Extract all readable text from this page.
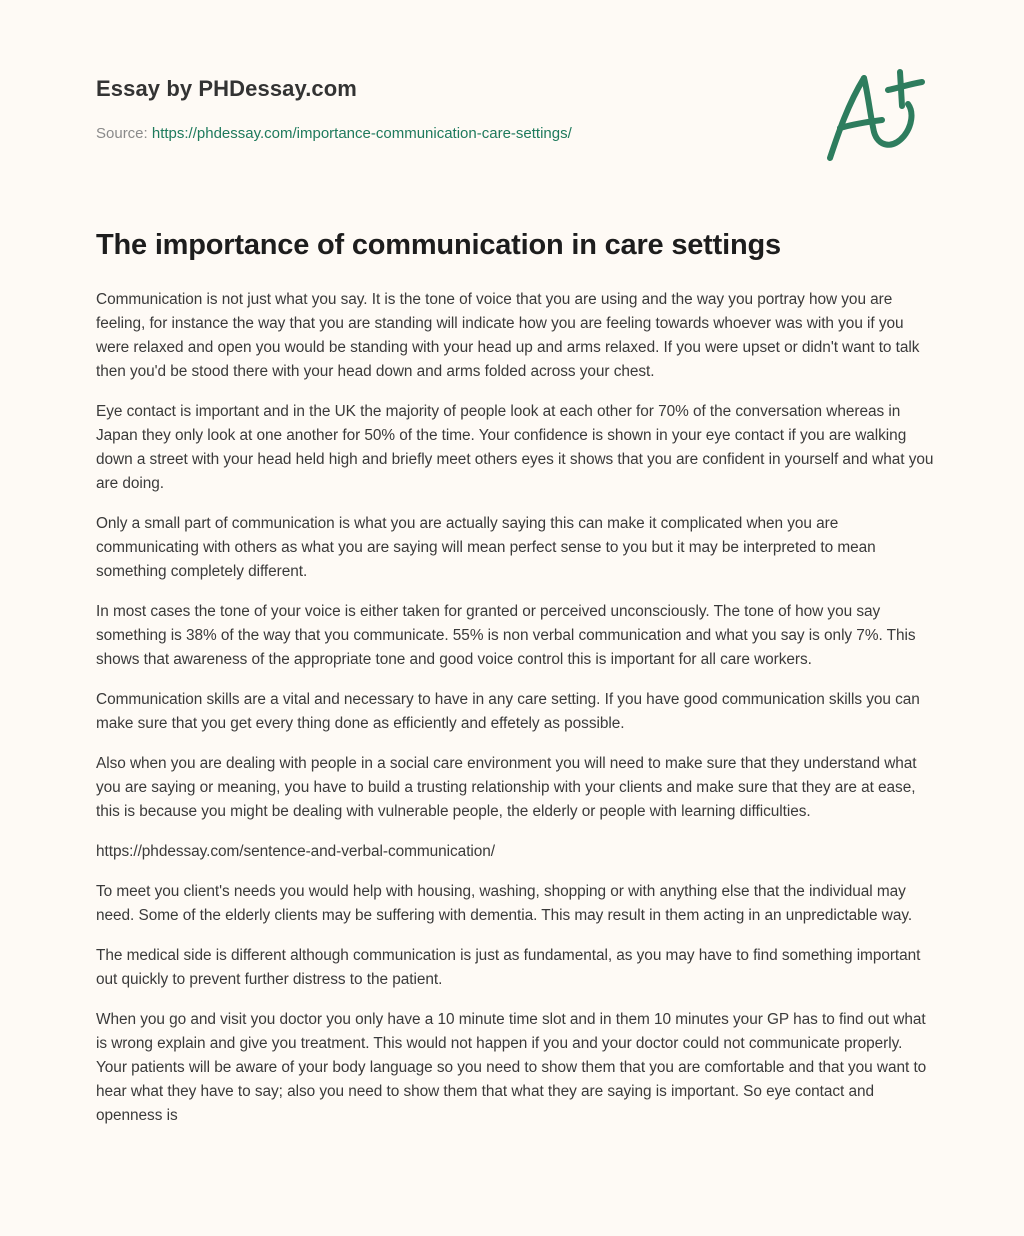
Essay by PHDessay.com
Source: https://phdessay.com/importance-communication-care-settings/
The importance of communication in care settings

Communication is not just what you say. It is the tone of voice that you are using and the way you portray how you are feeling, for instance the way that you are standing will indicate how you are feeling towards whoever was with you if you were relaxed and open you would be standing with your head up and arms relaxed. If you were upset or didn't want to talk then you'd be stood there with your head down and arms folded across your chest.

Eye contact is important and in the UK the majority of people look at each other for 70% of the conversation whereas in Japan they only look at one another for 50% of the time. Your confidence is shown in your eye contact if you are walking down a street with your head held high and briefly meet others eyes it shows that you are confident in yourself and what you are doing.

Only a small part of communication is what you are actually saying this can make it complicated when you are communicating with others as what you are saying will mean perfect sense to you but it may be interpreted to mean something completely different.

In most cases the tone of your voice is either taken for granted or perceived unconsciously. The tone of how you say something is 38% of the way that you communicate. 55% is non verbal communication and what you say is only 7%. This shows that awareness of the appropriate tone and good voice control this is important for all care workers.

Communication skills are a vital and necessary to have in any care setting. If you have good communication skills you can make sure that you get every thing done as efficiently and effetely as possible.

Also when you are dealing with people in a social care environment you will need to make sure that they understand what you are saying or meaning, you have to build a trusting relationship with your clients and make sure that they are at ease, this is because you might be dealing with vulnerable people, the elderly or people with learning difficulties.

https://phdessay.com/sentence-and-verbal-communication/

To meet you client's needs you would help with housing, washing, shopping or with anything else that the individual may need. Some of the elderly clients may be suffering with dementia. This may result in them acting in an unpredictable way.

The medical side is different although communication is just as fundamental, as you may have to find something important out quickly to prevent further distress to the patient.

When you go and visit you doctor you only have a 10 minute time slot and in them 10 minutes your GP has to find out what is wrong explain and give you treatment. This would not happen if you and your doctor could not communicate properly. Your patients will be aware of your body language so you need to show them that you are comfortable and that you want to hear what they have to say; also you need to show them that what they are saying is important. So eye contact and openness is
